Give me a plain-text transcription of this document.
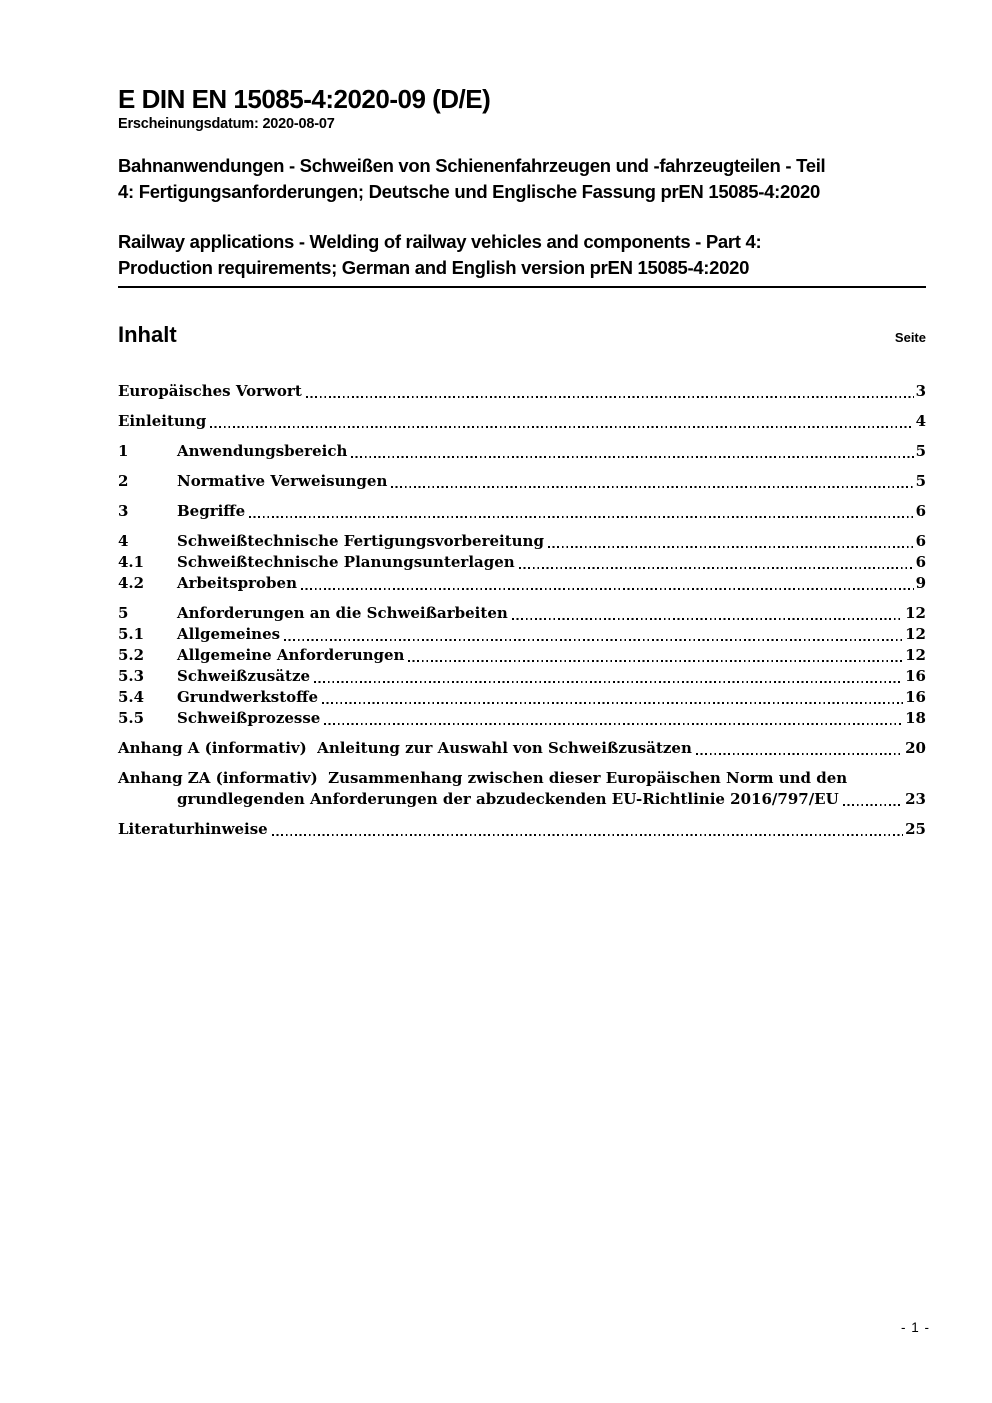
E DIN EN 15085-4:2020-09 (D/E)
Erscheinungsdatum: 2020-08-07
Bahnanwendungen - Schweißen von Schienenfahrzeugen und -fahrzeugteilen - Teil
4: Fertigungsanforderungen; Deutsche und Englische Fassung prEN 15085-4:2020
Railway applications - Welding of railway vehicles and components - Part 4:
Production requirements; German and English version prEN 15085-4:2020
Inhalt	Seite
Europäisches Vorwort	3
Einleitung	4
1	Anwendungsbereich	5
2	Normative Verweisungen	5
3	Begriffe	6
4	Schweißtechnische Fertigungsvorbereitung	6
4.1	Schweißtechnische Planungsunterlagen	6
4.2	Arbeitsproben	9
5	Anforderungen an die Schweißarbeiten	12
5.1	Allgemeines	12
5.2	Allgemeine Anforderungen	12
5.3	Schweißzusätze	16
5.4	Grundwerkstoffe	16
5.5	Schweißprozesse	18
Anhang A (informativ)  Anleitung zur Auswahl von Schweißzusätzen	20
Anhang ZA (informativ)  Zusammenhang zwischen dieser Europäischen Norm und den
grundlegenden Anforderungen der abzudeckenden EU-Richtlinie 2016/797/EU	23
Literaturhinweise	25
- 1 -
